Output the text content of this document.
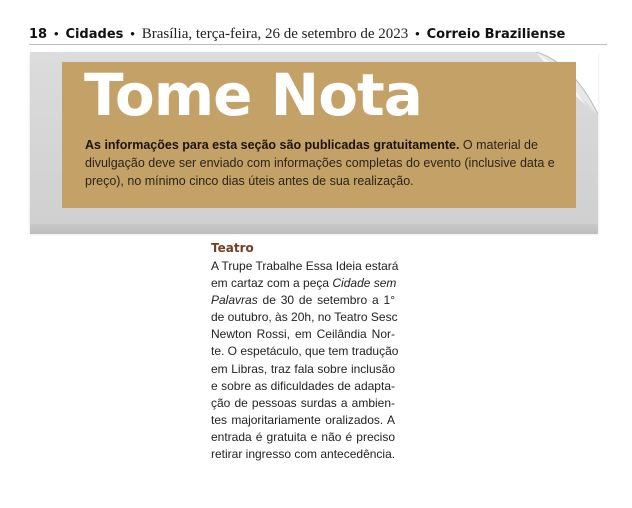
18 • Cidades • Brasília, terça-feira, 26 de setembro de 2023 • Correio Braziliense
Tome Nota
As informações para esta seção são publicadas gratuitamente. O material de divulgação deve ser enviado com informações completas do evento (inclusive data e preço), no mínimo cinco dias úteis antes de sua realização.
Teatro
A Trupe Trabalhe Essa Ideia estará
em cartaz com a peça Cidade sem
Palavras de 30 de setembro a 1°
de outubro, às 20h, no Teatro Sesc
Newton Rossi, em Ceilândia Nor-
te. O espetáculo, que tem tradução
em Libras, traz fala sobre inclusão
e sobre as dificuldades de adapta-
ção de pessoas surdas a ambien-
tes majoritariamente oralizados. A
entrada é gratuita e não é preciso
retirar ingresso com antecedência.
